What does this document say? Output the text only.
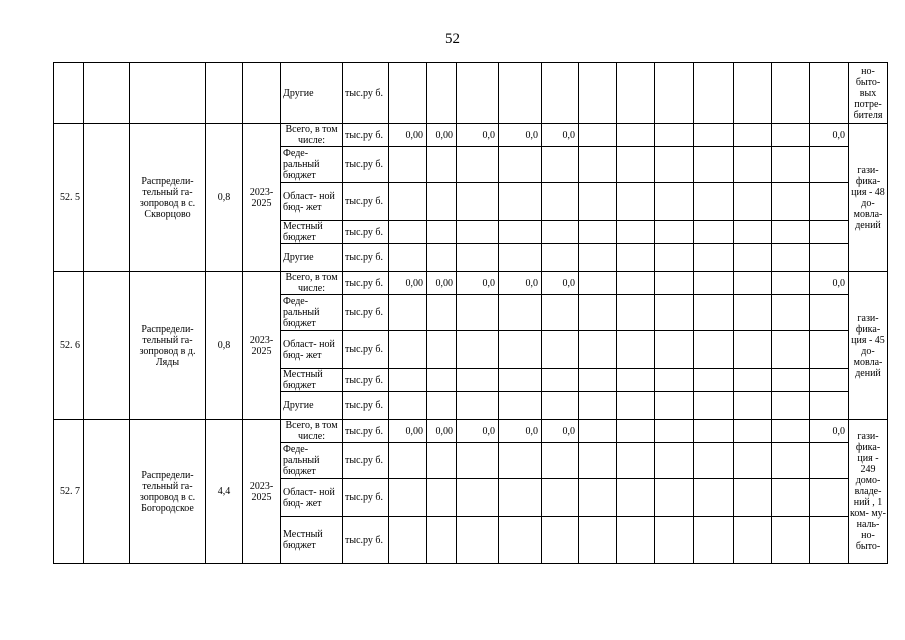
52
					Другие	тыс.ру б.													но- быто- вых потре- бителя
52. 5		Распредели- тельный га- зопровод в с. Скворцово	0,8	2023- 2025	Всего, в том числе:	тыс.ру б.	0,00	0,00	0,0	0,0	0,0							0,0	гази- фика- ция - 48 до- мовла- дений
					Феде- ральный бюджет	тыс.ру б.													
					Област- ной бюд- жет	тыс.ру б.													
					Местный бюджет	тыс.ру б.													
					Другие	тыс.ру б.													
52. 6		Распредели- тельный га- зопровод в д. Ляды	0,8	2023- 2025	Всего, в том числе:	тыс.ру б.	0,00	0,00	0,0	0,0	0,0							0,0	гази- фика- ция - 45 до- мовла- дений
					Феде- ральный бюджет	тыс.ру б.													
					Област- ной бюд- жет	тыс.ру б.													
					Местный бюджет	тыс.ру б.													
					Другие	тыс.ру б.													
52. 7		Распредели- тельный га- зопровод в с. Богородское	4,4	2023- 2025	Всего, в том числе:	тыс.ру б.	0,00	0,00	0,0	0,0	0,0							0,0	гази- фика- ция - 249 домо- владе- ний , 1 ком- му- наль- но- быто-
					Феде- ральный бюджет	тыс.ру б.													
					Област- ной бюд- жет	тыс.ру б.													
					Местный бюджет	тыс.ру б.													
